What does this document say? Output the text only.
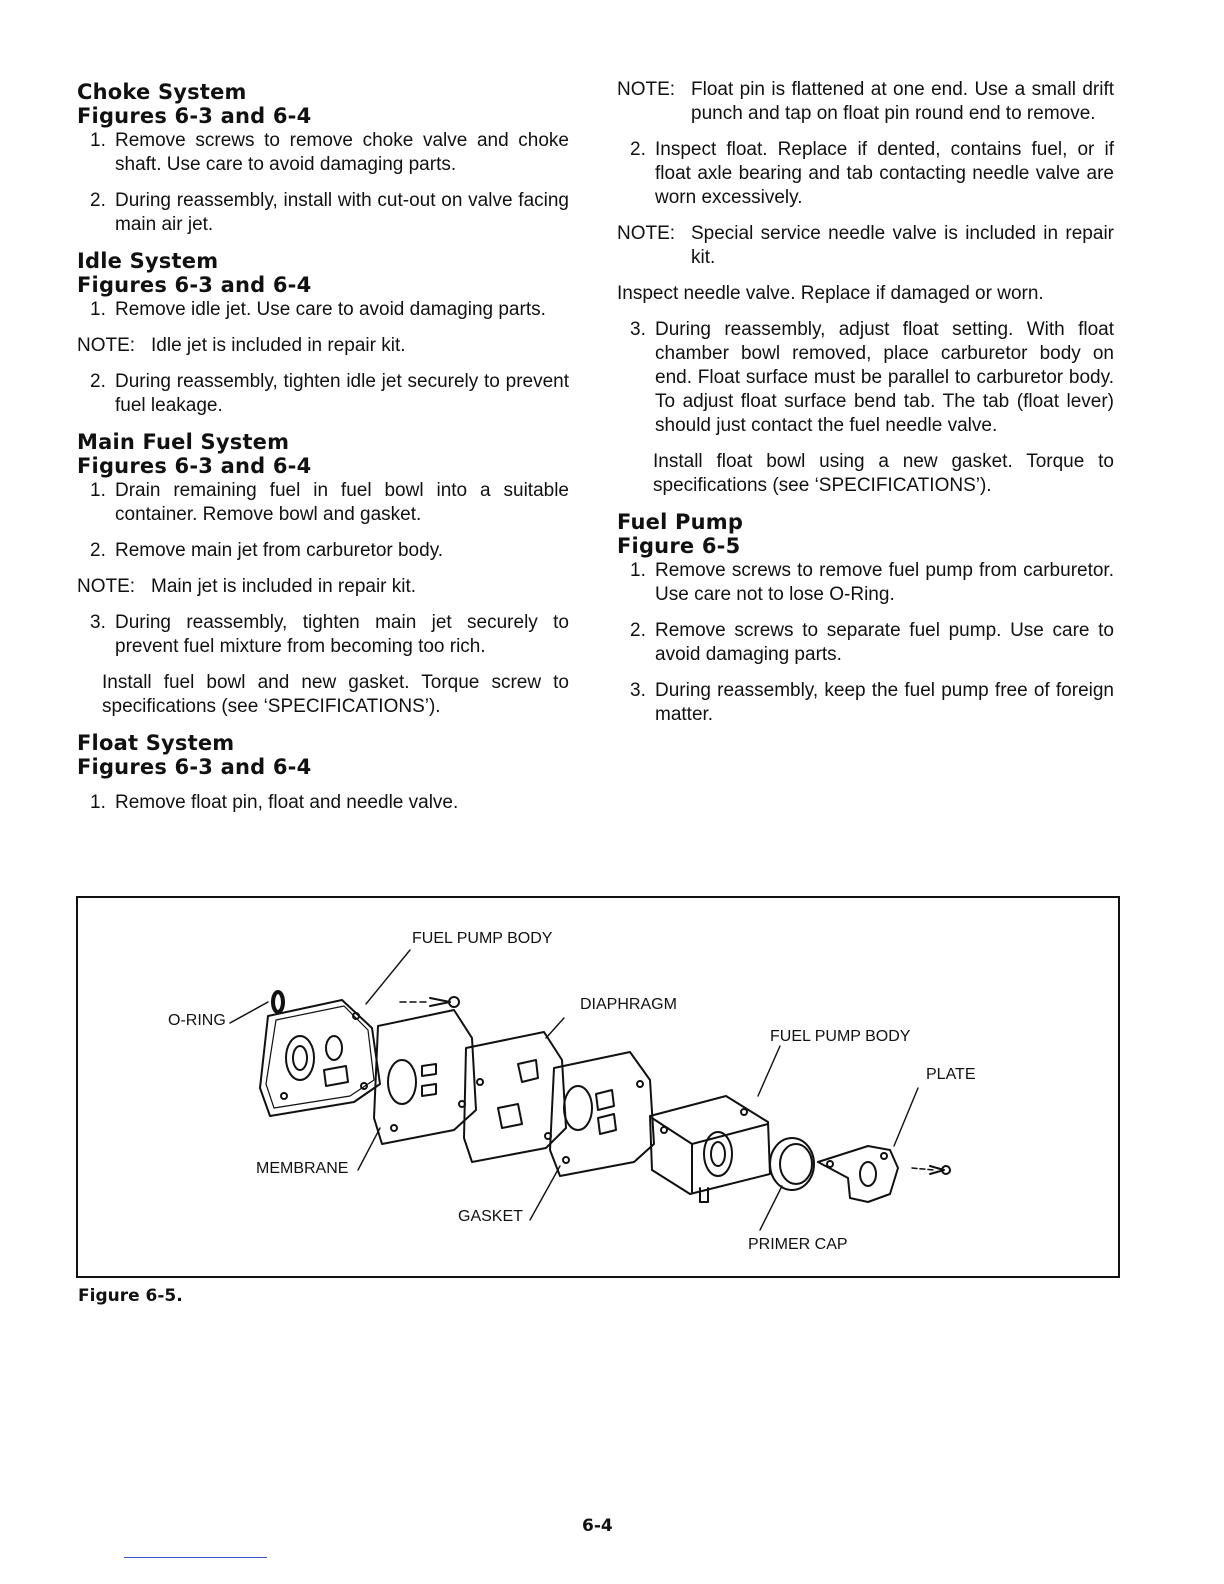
Choke System
Figures 6-3 and 6-4
1. Remove screws to remove choke valve and choke shaft. Use care to avoid damaging parts.
2. During reassembly, install with cut-out on valve facing main air jet.
Idle System
Figures 6-3 and 6-4
1. Remove idle jet. Use care to avoid damaging parts.
NOTE: Idle jet is included in repair kit.
2. During reassembly, tighten idle jet securely to prevent fuel leakage.
Main Fuel System
Figures 6-3 and 6-4
1. Drain remaining fuel in fuel bowl into a suitable container. Remove bowl and gasket.
2. Remove main jet from carburetor body.
NOTE: Main jet is included in repair kit.
3. During reassembly, tighten main jet securely to prevent fuel mixture from becoming too rich.
Install fuel bowl and new gasket. Torque screw to specifications (see ‘SPECIFICATIONS’).
Float System
Figures 6-3 and 6-4
1. Remove float pin, float and needle valve.
NOTE: Float pin is flattened at one end. Use a small drift punch and tap on float pin round end to remove.
2. Inspect float. Replace if dented, contains fuel, or if float axle bearing and tab contacting needle valve are worn excessively.
NOTE: Special service needle valve is included in repair kit.
Inspect needle valve. Replace if damaged or worn.
3. During reassembly, adjust float setting. With float chamber bowl removed, place carburetor body on end. Float surface must be parallel to carburetor body. To adjust float surface bend tab. The tab (float lever) should just contact the fuel needle valve.
Install float bowl using a new gasket. Torque to specifications (see ‘SPECIFICATIONS’).
Fuel Pump
Figure 6-5
1. Remove screws to remove fuel pump from carburetor. Use care not to lose O-Ring.
2. Remove screws to separate fuel pump. Use care to avoid damaging parts.
3. During reassembly, keep the fuel pump free of foreign matter.
FUEL PUMP BODY
O-RING
DIAPHRAGM
FUEL PUMP BODY
PLATE
MEMBRANE
GASKET
PRIMER CAP
Figure 6-5.
6-4
